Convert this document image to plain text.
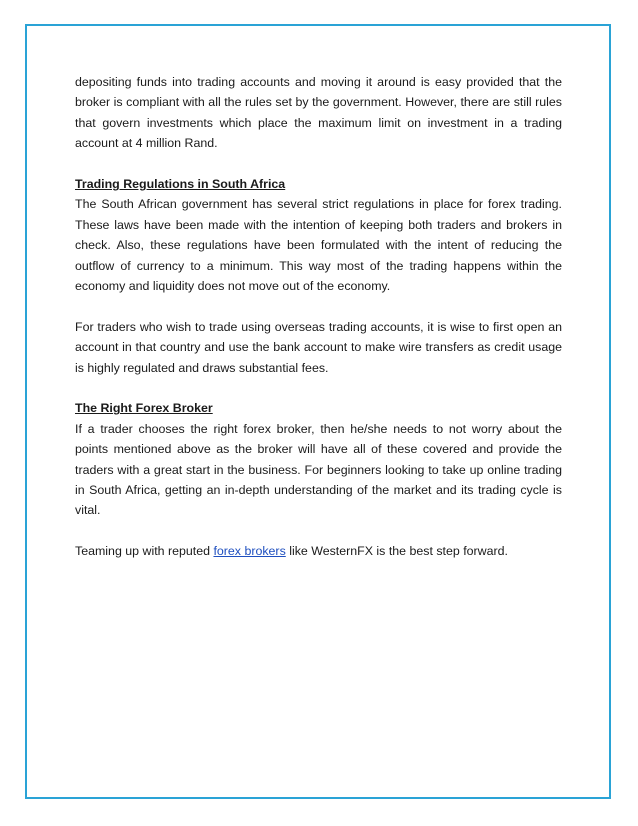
depositing funds into trading accounts and moving it around is easy provided that the broker is compliant with all the rules set by the government. However, there are still rules that govern investments which place the maximum limit on investment in a trading account at 4 million Rand.

Trading Regulations in South Africa

The South African government has several strict regulations in place for forex trading. These laws have been made with the intention of keeping both traders and brokers in check. Also, these regulations have been formulated with the intent of reducing the outflow of currency to a minimum. This way most of the trading happens within the economy and liquidity does not move out of the economy.

For traders who wish to trade using overseas trading accounts, it is wise to first open an account in that country and use the bank account to make wire transfers as credit usage is highly regulated and draws substantial fees.

The Right Forex Broker

If a trader chooses the right forex broker, then he/she needs to not worry about the points mentioned above as the broker will have all of these covered and provide the traders with a great start in the business. For beginners looking to take up online trading in South Africa, getting an in-depth understanding of the market and its trading cycle is vital.

Teaming up with reputed forex brokers like WesternFX is the best step forward.
